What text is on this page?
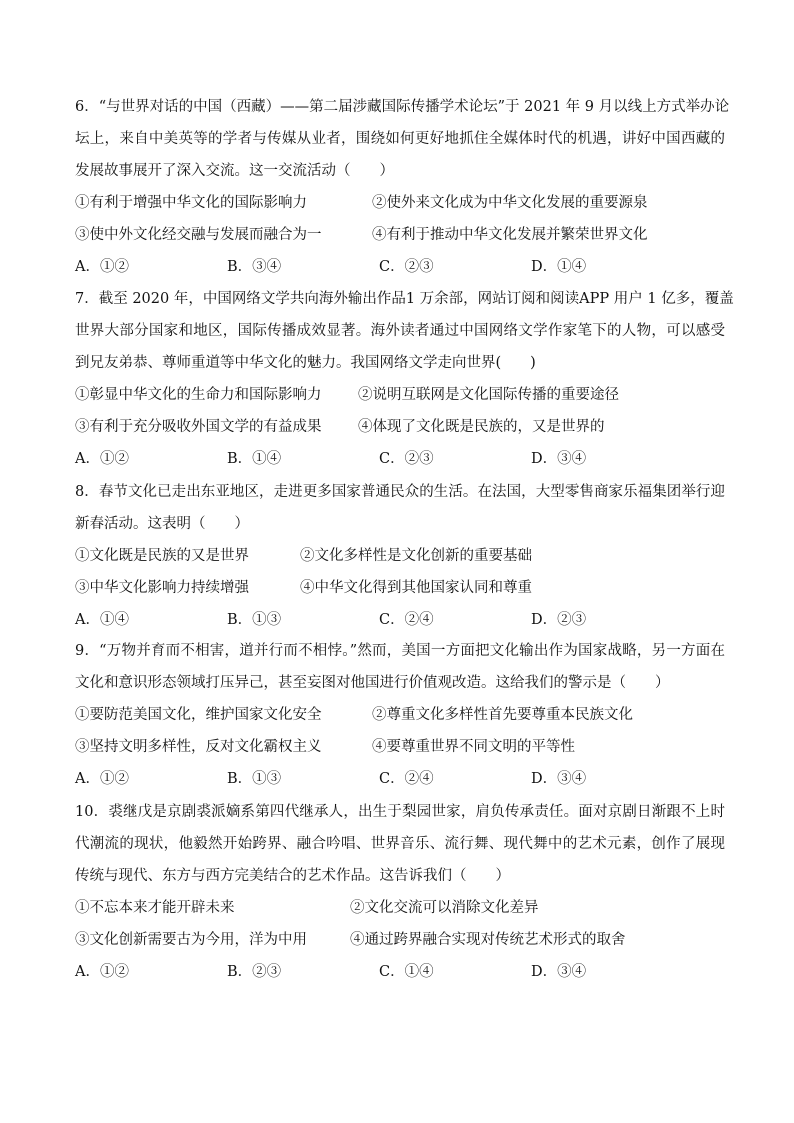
6．“与世界对话的中国（西藏）——第二届涉藏国际传播学术论坛”于 2021 年 9 月以线上方式举办论
坛上，来自中美英等的学者与传媒从业者，围绕如何更好地抓住全媒体时代的机遇，讲好中国西藏的
发展故事展开了深入交流。这一交流活动（　　）
①有利于增强中华文化的国际影响力	②使外来文化成为中华文化发展的重要源泉
③使中外文化经交融与发展而融合为一	④有利于推动中华文化发展并繁荣世界文化
A．①②	B．③④	C．②③	D．①④
7．截至 2020 年，中国网络文学共向海外输出作品1 万余部，网站订阅和阅读APP 用户 1 亿多，覆盖
世界大部分国家和地区，国际传播成效显著。海外读者通过中国网络文学作家笔下的人物，可以感受
到兄友弟恭、尊师重道等中华文化的魅力。我国网络文学走向世界(　　)
①彰显中华文化的生命力和国际影响力	②说明互联网是文化国际传播的重要途径
③有利于充分吸收外国文学的有益成果	④体现了文化既是民族的，又是世界的
A．①②	B．①④	C．②③	D．③④
8．春节文化已走出东亚地区，走进更多国家普通民众的生活。在法国，大型零售商家乐福集团举行迎
新春活动。这表明（　　）
①文化既是民族的又是世界	②文化多样性是文化创新的重要基础
③中华文化影响力持续增强	④中华文化得到其他国家认同和尊重
A．①④	B．①③	C．②④	D．②③
9．“万物并育而不相害，道并行而不相悖。”然而，美国一方面把文化输出作为国家战略，另一方面在
文化和意识形态领域打压异己，甚至妄图对他国进行价值观改造。这给我们的警示是（　　）
①要防范美国文化，维护国家文化安全	②尊重文化多样性首先要尊重本民族文化
③坚持文明多样性，反对文化霸权主义	④要尊重世界不同文明的平等性
A．①②	B．①③	C．②④	D．③④
10．裘继戊是京剧裘派嫡系第四代继承人，出生于梨园世家，肩负传承责任。面对京剧日渐跟不上时
代潮流的现状，他毅然开始跨界、融合吟唱、世界音乐、流行舞、现代舞中的艺术元素，创作了展现
传统与现代、东方与西方完美结合的艺术作品。这告诉我们（　　）
①不忘本来才能开辟未来	②文化交流可以消除文化差异
③文化创新需要古为今用，洋为中用	④通过跨界融合实现对传统艺术形式的取舍
A．①②	B．②③	C．①④	D．③④
